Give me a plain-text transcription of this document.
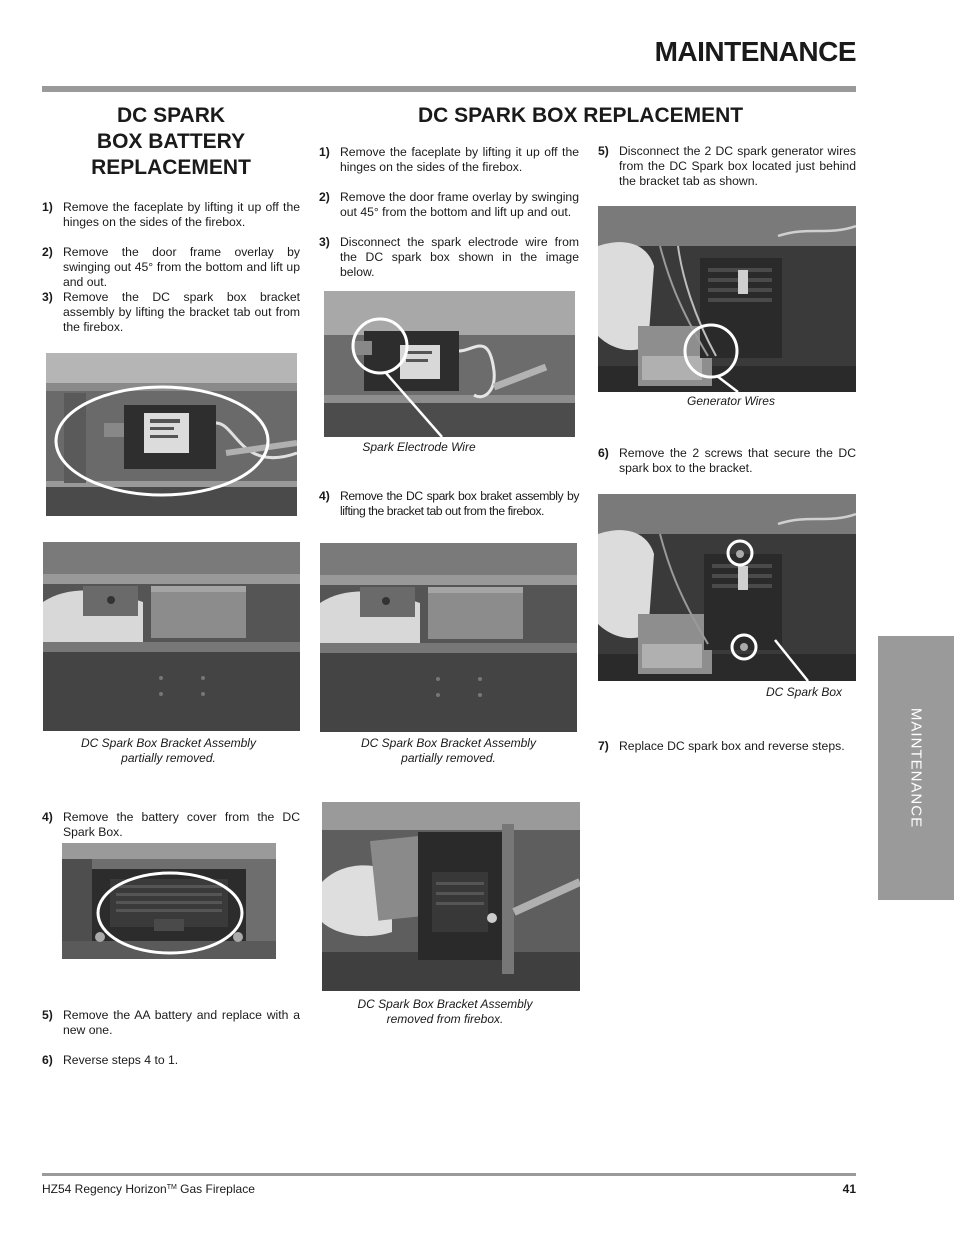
MAINTENANCE
DC SPARK
BOX BATTERY
REPLACEMENT
DC SPARK BOX REPLACEMENT
1) Remove the faceplate by lifting it up off the hinges on the sides of the firebox.
2) Remove the door frame overlay by swinging out 45° from the bottom and lift up and out.
3) Remove the DC spark box bracket assembly by lifting the bracket tab out from the firebox.
DC Spark Box Bracket Assembly
partially removed.
4) Remove the battery cover from the DC Spark Box.
5) Remove the AA battery and replace with a new one.
6) Reverse steps 4 to 1.
1) Remove the faceplate by lifting it up off the hinges on the sides of the firebox.
2) Remove the door frame overlay by swinging out 45° from the bottom and lift up and out.
3) Disconnect the spark electrode wire from the DC spark box shown in the image below.
Spark Electrode Wire
4) Remove the DC spark box braket assembly by lifting the bracket tab out from the firebox.
DC Spark Box Bracket Assembly
partially removed.
DC Spark Box Bracket Assembly
removed from firebox.
5) Disconnect the 2 DC spark generator wires from the DC Spark box located just behind the bracket tab as shown.
Generator Wires
6) Remove the 2 screws that secure the DC spark box to the bracket.
DC Spark Box
7) Replace DC spark box and reverse steps.	MAINTENANCE
HZ54 Regency Horizon™ Gas Fireplace	41
